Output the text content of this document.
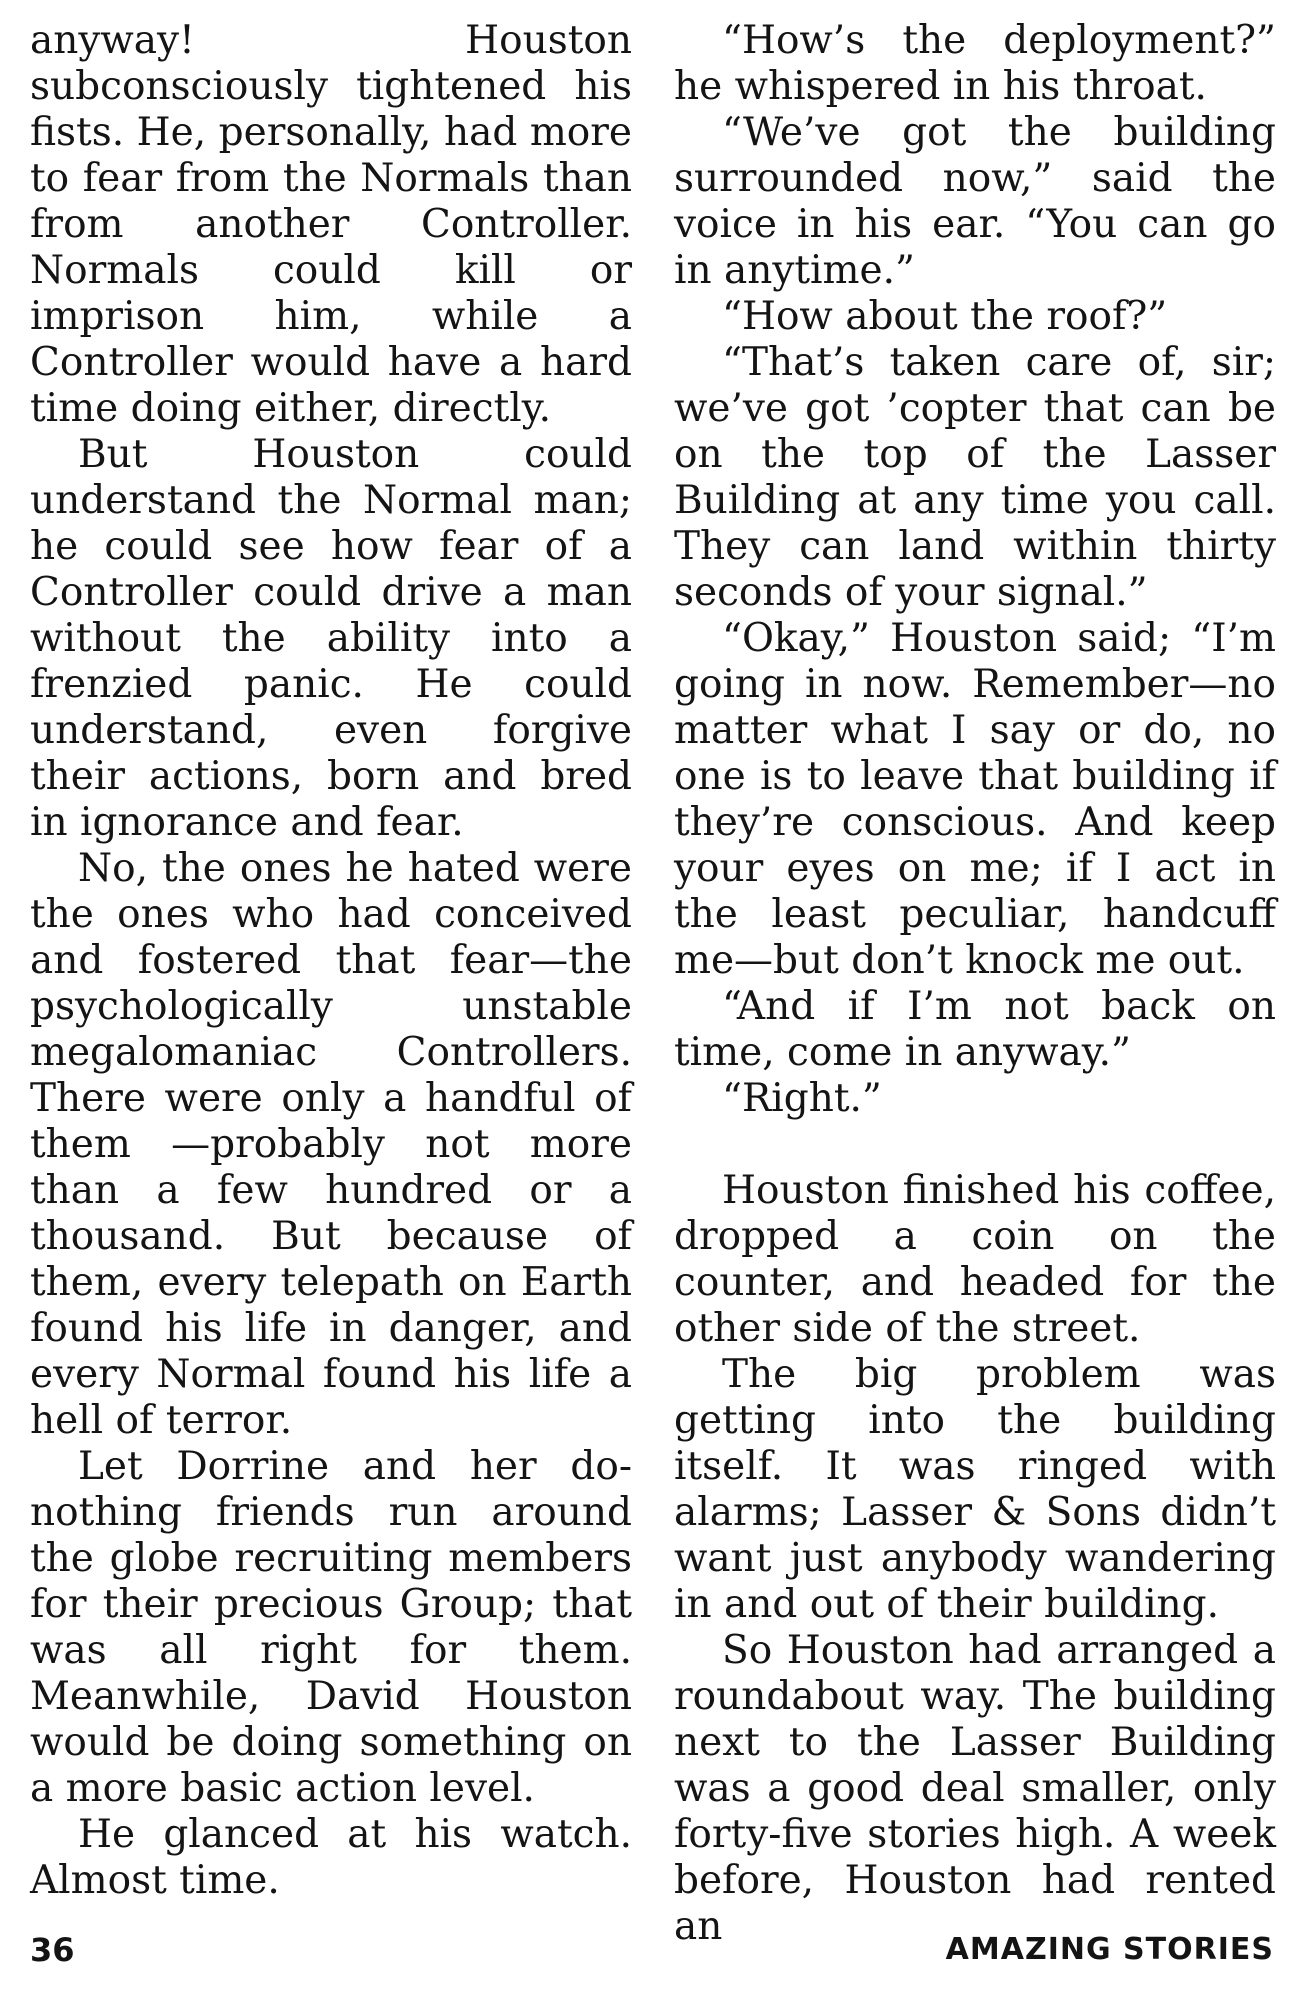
anyway! Houston subconsciously tightened his fists. He, personally, had more to fear from the Normals than from another Controller. Normals could kill or imprison him, while a Controller would have a hard time doing either, directly.

But Houston could understand the Normal man; he could see how fear of a Controller could drive a man without the ability into a frenzied panic. He could understand, even forgive their actions, born and bred in ignorance and fear.

No, the ones he hated were the ones who had conceived and fostered that fear—the psychologically unstable megalomaniac Controllers. There were only a handful of them —probably not more than a few hundred or a thousand. But because of them, every telepath on Earth found his life in danger, and every Normal found his life a hell of terror.

Let Dorrine and her do-nothing friends run around the globe recruiting members for their precious Group; that was all right for them. Meanwhile, David Houston would be doing something on a more basic action level.

He glanced at his watch. Almost time.

“How’s the deployment?” he whispered in his throat.

“We’ve got the building surrounded now,” said the voice in his ear. “You can go in anytime.”

“How about the roof?”

“That’s taken care of, sir; we’ve got ’copter that can be on the top of the Lasser Building at any time you call. They can land within thirty seconds of your signal.”

“Okay,” Houston said; “I’m going in now. Remember—no matter what I say or do, no one is to leave that building if they’re conscious. And keep your eyes on me; if I act in the least peculiar, handcuff me—but don’t knock me out.

“And if I’m not back on time, come in anyway.”

“Right.”

Houston finished his coffee, dropped a coin on the counter, and headed for the other side of the street.

The big problem was getting into the building itself. It was ringed with alarms; Lasser & Sons didn’t want just anybody wandering in and out of their building.

So Houston had arranged a roundabout way. The building next to the Lasser Building was a good deal smaller, only forty-five stories high. A week before, Houston had rented an

36	AMAZING STORIES
